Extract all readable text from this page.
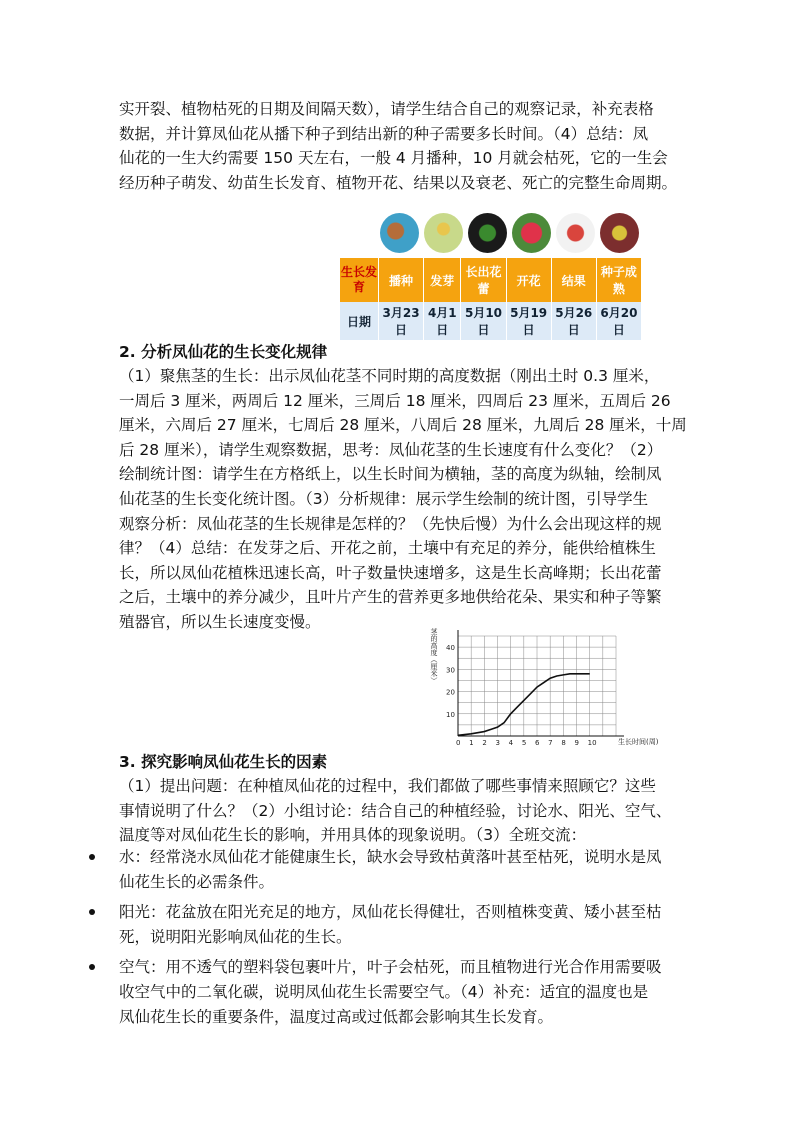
实开裂、植物枯死的日期及间隔天数），请学生结合自己的观察记录，补充表格
数据，并计算凤仙花从播下种子到结出新的种子需要多长时间。（4）总结：凤
仙花的一生大约需要 150 天左右，一般 4 月播种，10 月就会枯死，它的一生会
经历种子萌发、幼苗生长发育、植物开花、结果以及衰老、死亡的完整生命周期。
生长发育	播种	发芽	长出花蕾	开花	结果	种子成熟
日期	3月23日	4月1日	5月10日	5月19日	5月26日	6月20日
2. 分析凤仙花的生长变化规律
（1）聚焦茎的生长：出示凤仙花茎不同时期的高度数据（刚出土时 0.3 厘米，
一周后 3 厘米，两周后 12 厘米，三周后 18 厘米，四周后 23 厘米，五周后 26
厘米，六周后 27 厘米，七周后 28 厘米，八周后 28 厘米，九周后 28 厘米，十周
后 28 厘米），请学生观察数据，思考：凤仙花茎的生长速度有什么变化？（2）
绘制统计图：请学生在方格纸上，以生长时间为横轴，茎的高度为纵轴，绘制凤
仙花茎的生长变化统计图。（3）分析规律：展示学生绘制的统计图，引导学生
观察分析：凤仙花茎的生长规律是怎样的？（先快后慢）为什么会出现这样的规
律？（4）总结：在发芽之后、开花之前，土壤中有充足的养分，能供给植株生
长，所以凤仙花植株迅速长高，叶子数量快速增多，这是生长高峰期；长出花蕾
之后，土壤中的养分减少，且叶片产生的营养更多地供给花朵、果实和种子等繁
殖器官，所以生长速度变慢。
0 1 2 3 4 5 6 7 8 9 10
10
20
30
40
茎的高度（厘米）
生长时间(周)
3. 探究影响凤仙花生长的因素
（1）提出问题：在种植凤仙花的过程中，我们都做了哪些事情来照顾它？这些
事情说明了什么？（2）小组讨论：结合自己的种植经验，讨论水、阳光、空气、
温度等对凤仙花生长的影响，并用具体的现象说明。（3）全班交流：
水：经常浇水凤仙花才能健康生长，缺水会导致枯黄落叶甚至枯死，说明水是凤
仙花生长的必需条件。
阳光：花盆放在阳光充足的地方，凤仙花长得健壮，否则植株变黄、矮小甚至枯
死，说明阳光影响凤仙花的生长。
空气：用不透气的塑料袋包裹叶片，叶子会枯死，而且植物进行光合作用需要吸
收空气中的二氧化碳，说明凤仙花生长需要空气。（4）补充：适宜的温度也是
凤仙花生长的重要条件，温度过高或过低都会影响其生长发育。
